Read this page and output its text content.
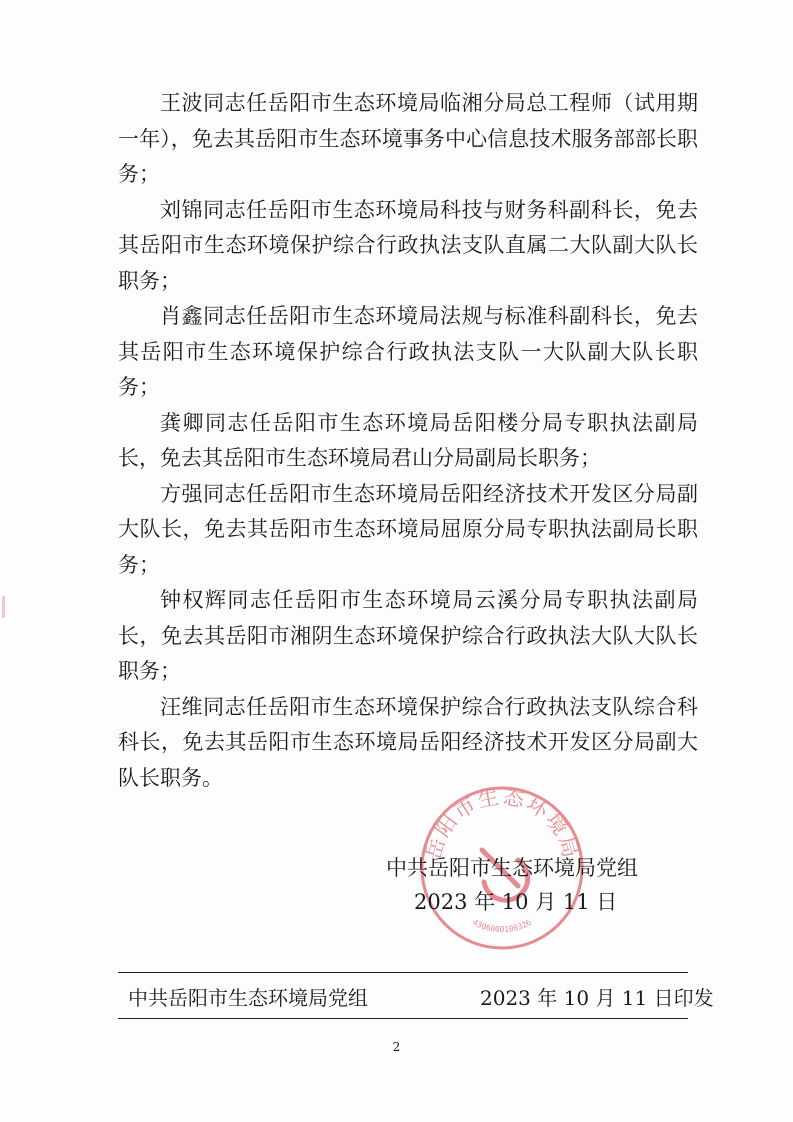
王波同志任岳阳市生态环境局临湘分局总工程师（试用期一年），免去其岳阳市生态环境事务中心信息技术服务部部长职务；

刘锦同志任岳阳市生态环境局科技与财务科副科长，免去其岳阳市生态环境保护综合行政执法支队直属二大队副大队长职务；

肖鑫同志任岳阳市生态环境局法规与标准科副科长，免去其岳阳市生态环境保护综合行政执法支队一大队副大队长职务；

龚卿同志任岳阳市生态环境局岳阳楼分局专职执法副局长，免去其岳阳市生态环境局君山分局副局长职务；

方强同志任岳阳市生态环境局岳阳经济技术开发区分局副大队长，免去其岳阳市生态环境局屈原分局专职执法副局长职务；

钟权辉同志任岳阳市生态环境局云溪分局专职执法副局长，免去其岳阳市湘阴生态环境保护综合行政执法大队大队长职务；

汪维同志任岳阳市生态环境保护综合行政执法支队综合科科长，免去其岳阳市生态环境局岳阳经济技术开发区分局副大队长职务。

岳阳市生态环境局
4306000100326
中共岳阳市生态环境局党组
2023 年 10 月 11 日
中共岳阳市生态环境局党组	2023 年 10 月 11 日印发
2
